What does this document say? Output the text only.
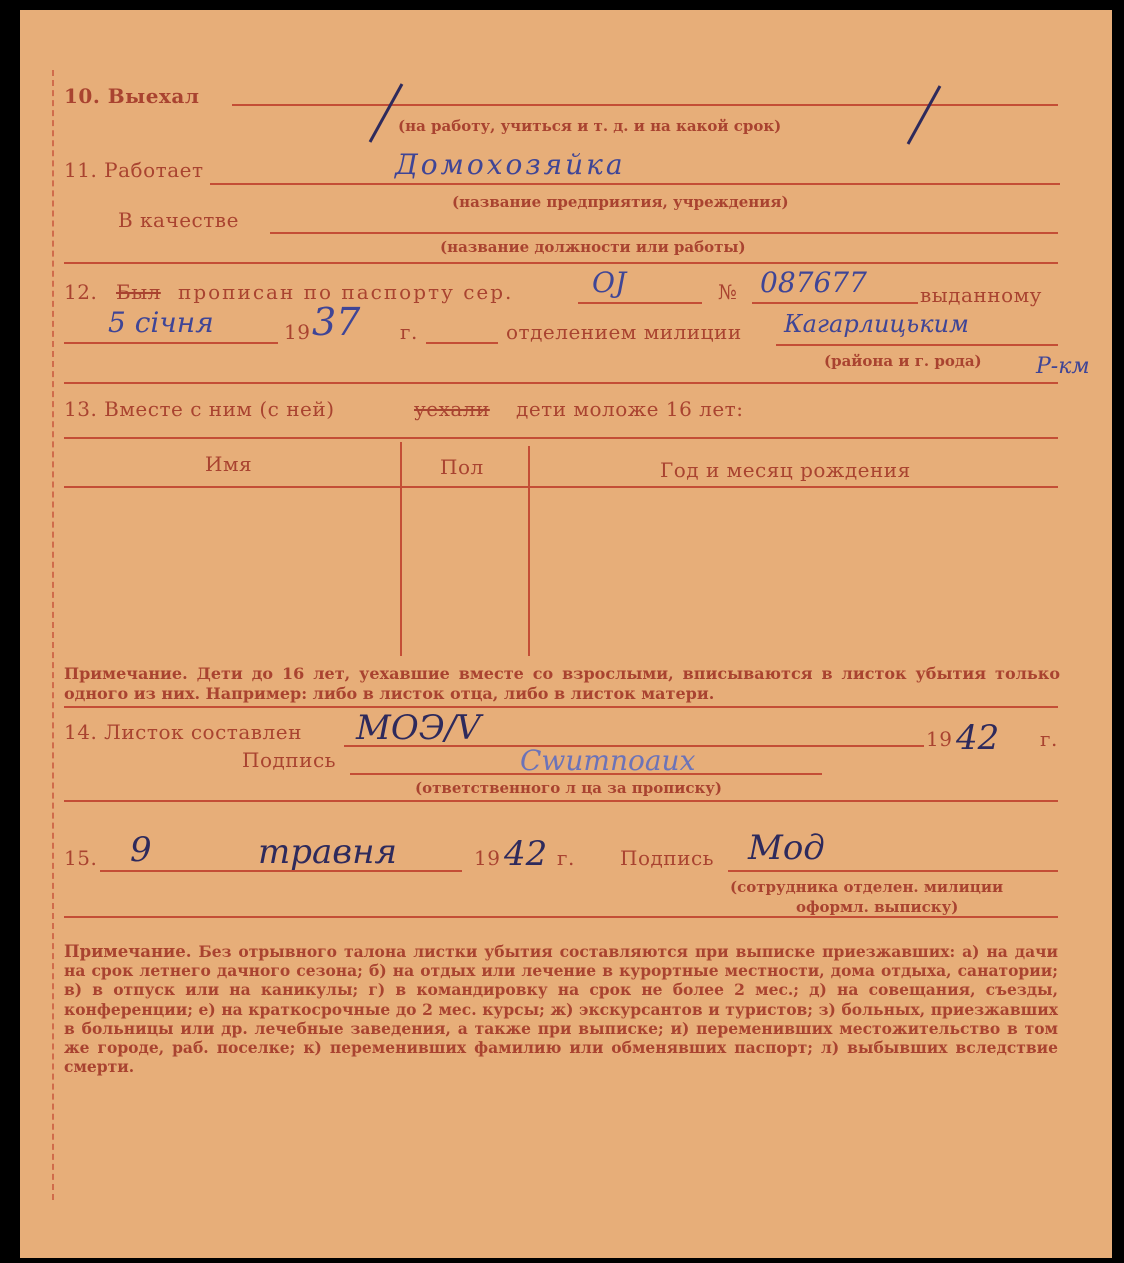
10. Выехал
(на работу, учиться и т. д. и на какой срок)
11. Работает	Домохозяйка
(название предприятия, учреждения)
В качестве
(название должности или работы)
12. Был прописан по паспорту сер.	ОЈ	№ 087677	выданному
5 січня	19 37 г.	отделением милиции Кагарлицьким
(района и г. рода) Р-км
13. Вместе с ним (с ней)	уехали дети моложе 16 лет:
Имя	Пол	Год и месяц рождения
Примечание. Дети до 16 лет, уехавшие вместе со взрослыми, вписываются в листок убытия только одного из них. Например: либо в листок отца, либо в листок матери.
14. Листок составлен МОЭ/V	19 42 г.
Подпись	Cwumnoaux
(ответственного л ца за прописку)
15. 9	травня	19 42 г. Подпись Мод
(сотрудника отделен. милиции
оформл. выписку)
Примечание. Без отрывного талона листки убытия составляются при выписке приезжавших: а) на дачи на срок летнего дачного сезона; б) на отдых или лечение в курортные местности, дома отдыха, санатории; в) в отпуск или на каникулы; г) в командировку на срок не более 2 мес.; д) на совещания, съезды, конференции; е) на краткосрочные до 2 мес. курсы; ж) экскурсантов и туристов; з) больных, приезжавших в больницы или др. лечебные заведения, а также при выписке; и) переменивших местожительство в том же городе, раб. поселке; к) переменивших фамилию или обменявших паспорт; л) выбывших вследствие смерти.
